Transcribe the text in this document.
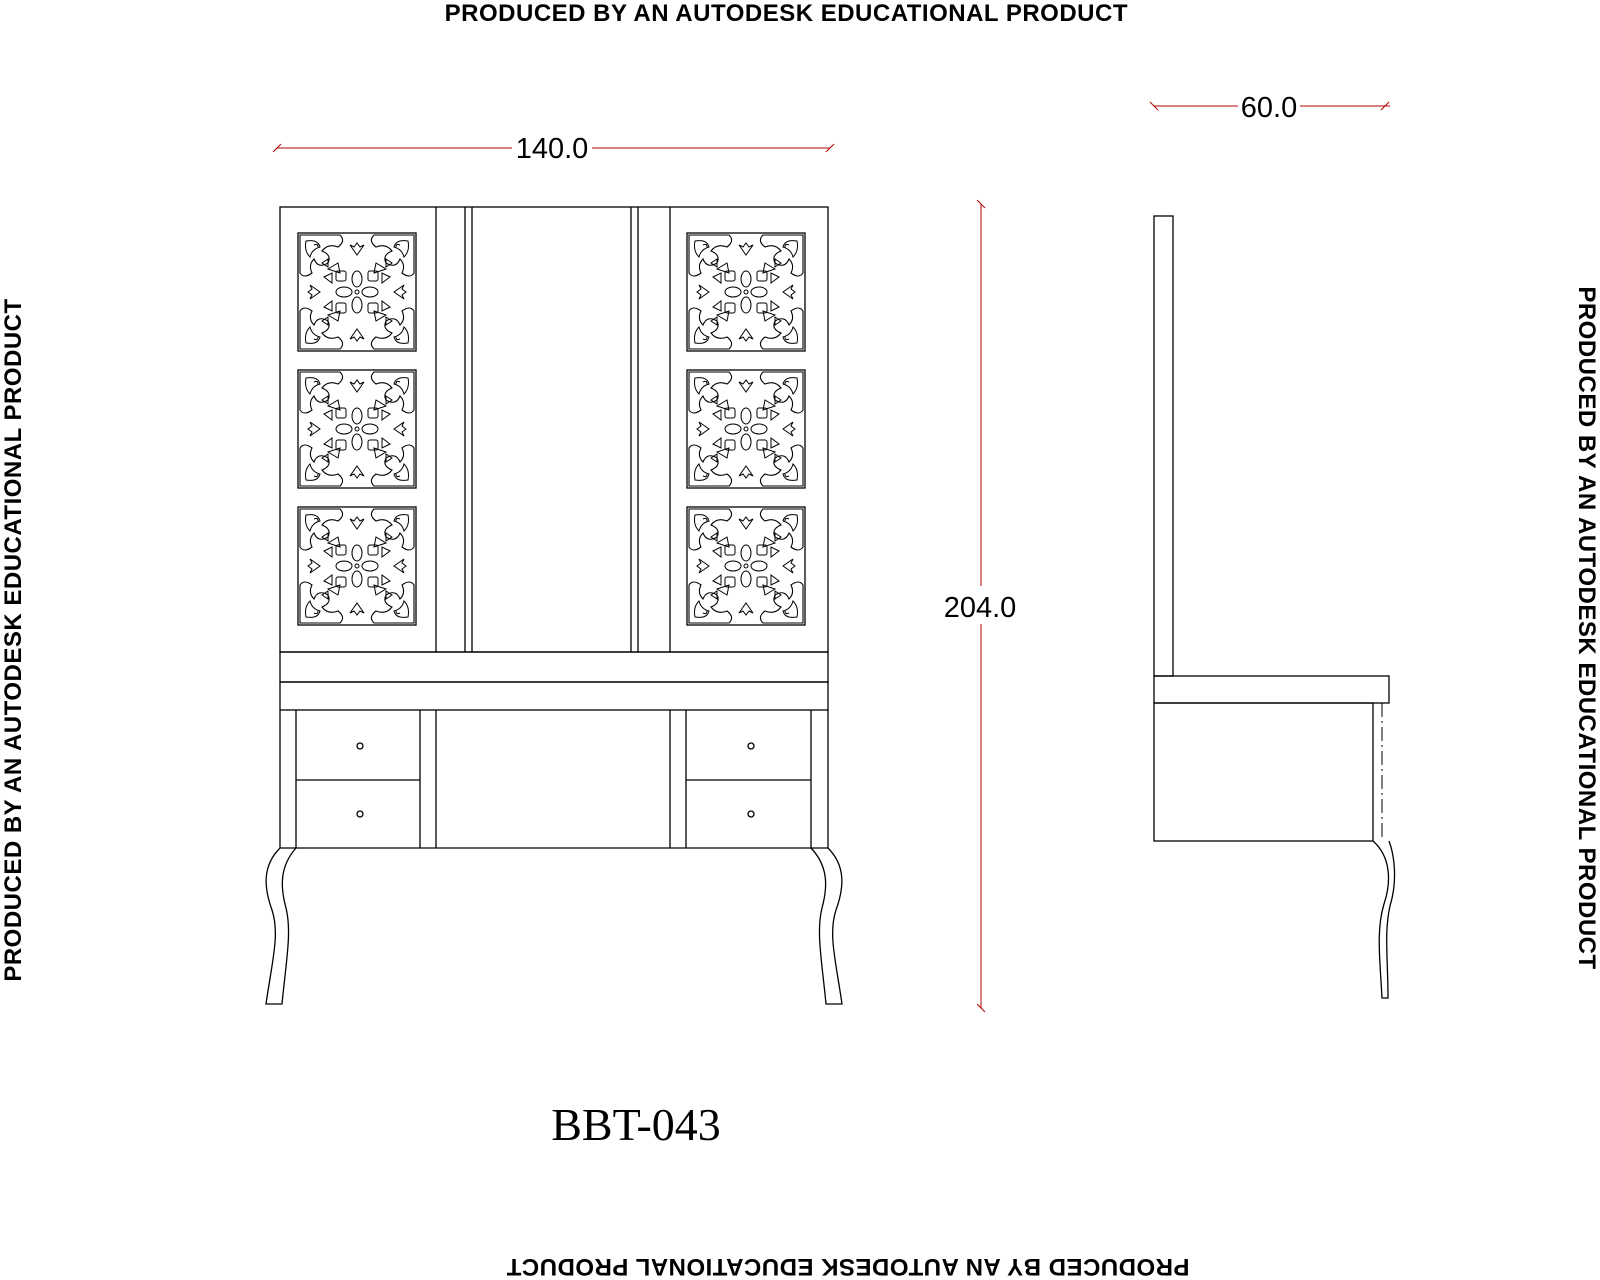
PRODUCED BY AN AUTODESK EDUCATIONAL PRODUCT
PRODUCED BY AN AUTODESK EDUCATIONAL PRODUCT
PRODUCED BY AN AUTODESK EDUCATIONAL PRODUCT	PRODUCED BY AN AUTODESK EDUCATIONAL PRODUCT
140.0
204.0
60.0
BBT-043
